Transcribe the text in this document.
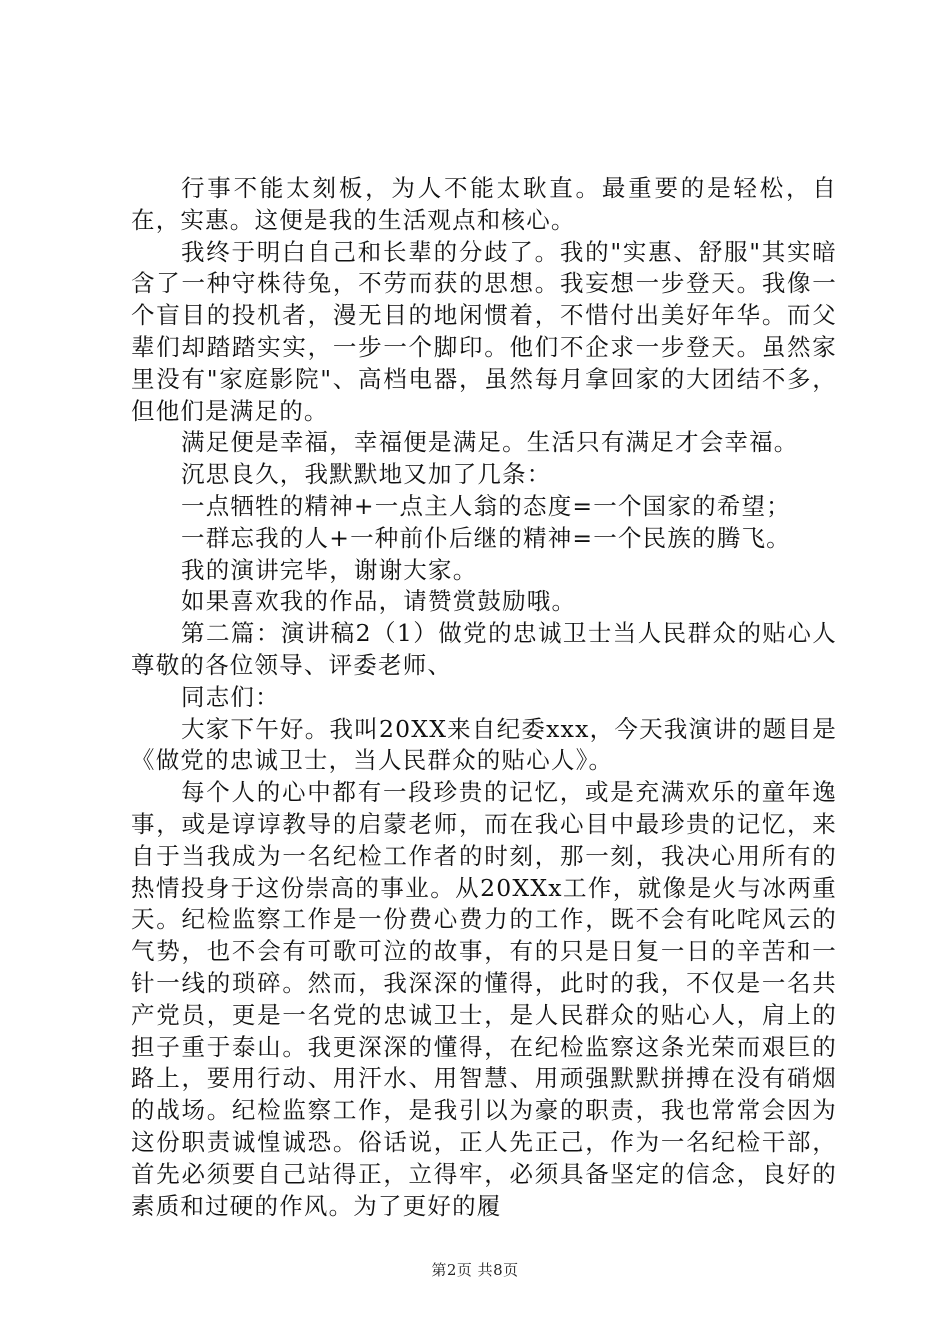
行事不能太刻板，为人不能太耿直。最重要的是轻松，自在，实惠。这便是我的生活观点和核心。

我终于明白自己和长辈的分歧了。我的"实惠、舒服"其实暗含了一种守株待兔，不劳而获的思想。我妄想一步登天。我像一个盲目的投机者，漫无目的地闲惯着，不惜付出美好年华。而父辈们却踏踏实实，一步一个脚印。他们不企求一步登天。虽然家里没有"家庭影院"、高档电器，虽然每月拿回家的大团结不多，但他们是满足的。

满足便是幸福，幸福便是满足。生活只有满足才会幸福。

沉思良久，我默默地又加了几条：

一点牺牲的精神+一点主人翁的态度=一个国家的希望；

一群忘我的人+一种前仆后继的精神=一个民族的腾飞。

我的演讲完毕，谢谢大家。

如果喜欢我的作品，请赞赏鼓励哦。

第二篇：演讲稿2（1）做党的忠诚卫士当人民群众的贴心人尊敬的各位领导、评委老师、

同志们：

大家下午好。我叫20XX来自纪委xxx，今天我演讲的题目是《做党的忠诚卫士，当人民群众的贴心人》。

每个人的心中都有一段珍贵的记忆，或是充满欢乐的童年逸事，或是谆谆教导的启蒙老师，而在我心目中最珍贵的记忆，来自于当我成为一名纪检工作者的时刻，那一刻，我决心用所有的热情投身于这份崇高的事业。从20XXx工作，就像是火与冰两重天。纪检监察工作是一份费心费力的工作，既不会有叱咤风云的气势，也不会有可歌可泣的故事，有的只是日复一日的辛苦和一针一线的琐碎。然而，我深深的懂得，此时的我，不仅是一名共产党员，更是一名党的忠诚卫士，是人民群众的贴心人，肩上的担子重于泰山。我更深深的懂得，在纪检监察这条光荣而艰巨的路上，要用行动、用汗水、用智慧、用顽强默默拼搏在没有硝烟的战场。纪检监察工作，是我引以为豪的职责，我也常常会因为这份职责诚惶诚恐。俗话说，正人先正己，作为一名纪检干部，首先必须要自己站得正，立得牢，必须具备坚定的信念，良好的素质和过硬的作风。为了更好的履

第2页 共8页
